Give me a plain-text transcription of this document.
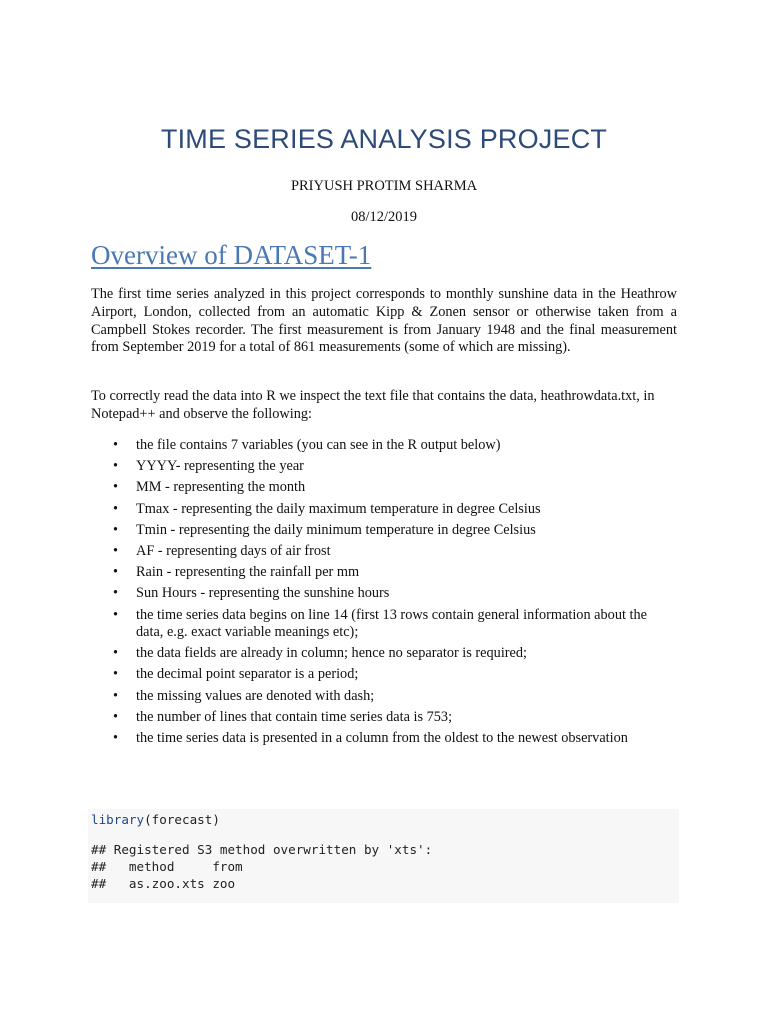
TIME SERIES ANALYSIS PROJECT

PRIYUSH PROTIM SHARMA

08/12/2019

Overview of DATASET-1

The first time series analyzed in this project corresponds to monthly sunshine data in the Heathrow Airport, London, collected from an automatic Kipp & Zonen sensor or otherwise taken from a Campbell Stokes recorder. The first measurement is from January 1948 and the final measurement from September 2019 for a total of 861 measurements (some of which are missing).

To correctly read the data into R we inspect the text file that contains the data, heathrowdata.txt, in Notepad++ and observe the following:

• the file contains 7 variables (you can see in the R output below)
• YYYY- representing the year
• MM - representing the month
• Tmax - representing the daily maximum temperature in degree Celsius
• Tmin - representing the daily minimum temperature in degree Celsius
• AF - representing days of air frost
• Rain - representing the rainfall per mm
• Sun Hours - representing the sunshine hours
• the time series data begins on line 14 (first 13 rows contain general information about the data, e.g. exact variable meanings etc);
• the data fields are already in column; hence no separator is required;
• the decimal point separator is a period;
• the missing values are denoted with dash;
• the number of lines that contain time series data is 753;
• the time series data is presented in a column from the oldest to the newest observation
library(forecast)
## Registered S3 method overwritten by 'xts':
##   method     from
##   as.zoo.xts zoo
